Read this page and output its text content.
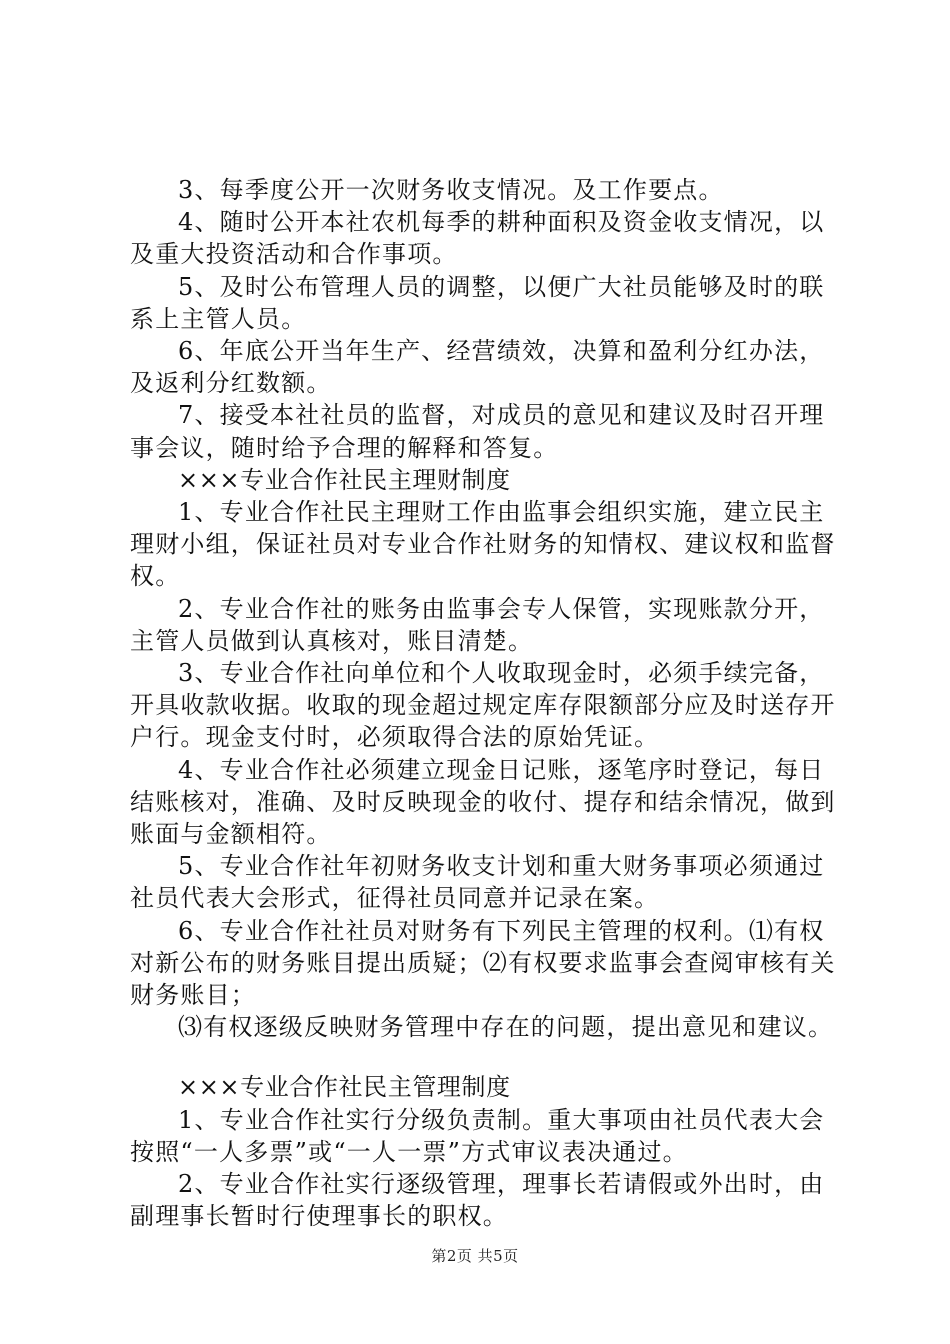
3、每季度公开一次财务收支情况。及工作要点。

4、随时公开本社农机每季的耕种面积及资金收支情况，以及重大投资活动和合作事项。

5、及时公布管理人员的调整，以便广大社员能够及时的联系上主管人员。

6、年底公开当年生产、经营绩效，决算和盈利分红办法，及返利分红数额。

7、接受本社社员的监督，对成员的意见和建议及时召开理事会议，随时给予合理的解释和答复。

×××专业合作社民主理财制度

1、专业合作社民主理财工作由监事会组织实施，建立民主理财小组，保证社员对专业合作社财务的知情权、建议权和监督权。

2、专业合作社的账务由监事会专人保管，实现账款分开，主管人员做到认真核对，账目清楚。

3、专业合作社向单位和个人收取现金时，必须手续完备，开具收款收据。收取的现金超过规定库存限额部分应及时送存开户行。现金支付时，必须取得合法的原始凭证。

4、专业合作社必须建立现金日记账，逐笔序时登记，每日结账核对，准确、及时反映现金的收付、提存和结余情况，做到账面与金额相符。

5、专业合作社年初财务收支计划和重大财务事项必须通过社员代表大会形式，征得社员同意并记录在案。

6、专业合作社社员对财务有下列民主管理的权利。⑴有权对新公布的财务账目提出质疑；⑵有权要求监事会查阅审核有关财务账目；

⑶有权逐级反映财务管理中存在的问题，提出意见和建议。

×××专业合作社民主管理制度

1、专业合作社实行分级负责制。重大事项由社员代表大会按照“一人多票”或“一人一票”方式审议表决通过。

2、专业合作社实行逐级管理，理事长若请假或外出时，由副理事长暂时行使理事长的职权。

第2页 共5页
